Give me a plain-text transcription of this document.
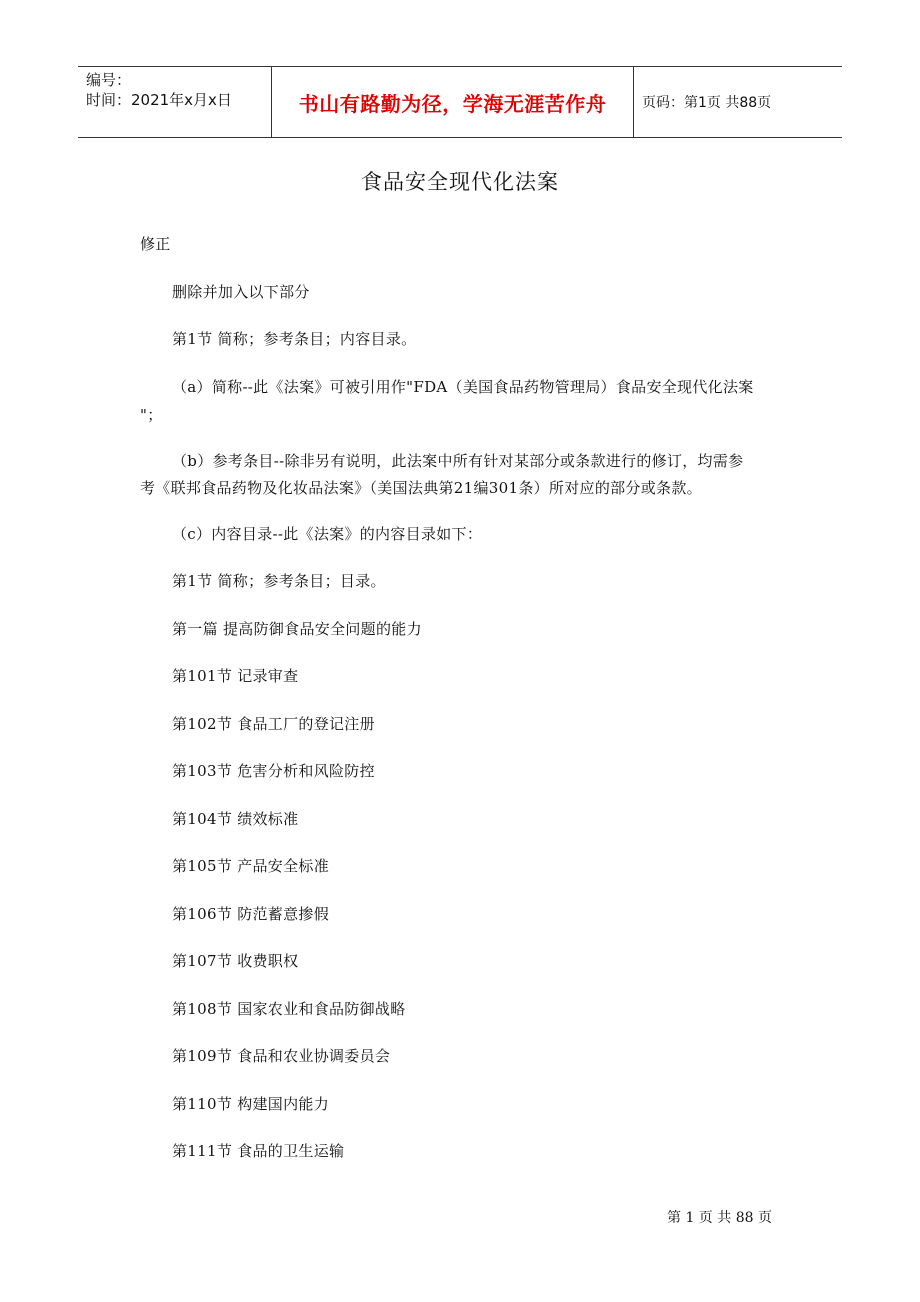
编号：
时间：2021年x月x日	书山有路勤为径，学海无涯苦作舟	页码：第1页 共88页
食品安全现代化法案
修正
删除并加入以下部分
第1节 简称；参考条目；内容目录。
（a）简称--此《法案》可被引用作"FDA（美国食品药物管理局）食品安全现代化法案
"；
（b）参考条目--除非另有说明，此法案中所有针对某部分或条款进行的修订，均需参
考《联邦食品药物及化妆品法案》（美国法典第21编301条）所对应的部分或条款。
（c）内容目录--此《法案》的内容目录如下：
第1节 简称；参考条目；目录。
第一篇 提高防御食品安全问题的能力
第101节 记录审查
第102节 食品工厂的登记注册
第103节 危害分析和风险防控
第104节 绩效标准
第105节 产品安全标准
第106节 防范蓄意掺假
第107节 收费职权
第108节 国家农业和食品防御战略
第109节 食品和农业协调委员会
第110节 构建国内能力
第111节 食品的卫生运输
第 1 页 共 88 页
